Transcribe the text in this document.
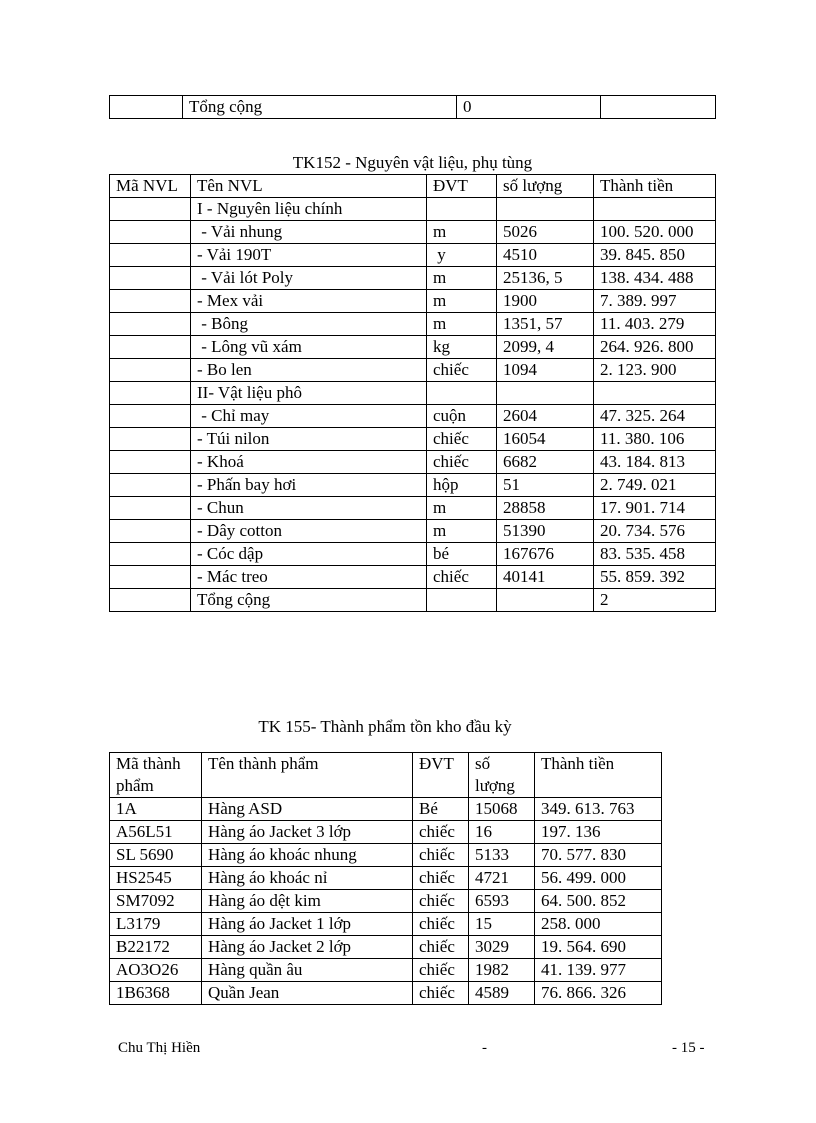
	Tổng cộng	0	
TK152 - Nguyên vật liệu, phụ tùng
Mã NVL	Tên NVL	ĐVT	số lượng	Thành tiền
	I - Nguyên liệu chính			
	- Vải nhung	m	5026	100. 520. 000
	- Vải 190T	y	4510	39. 845. 850
	- Vải lót Poly	m	25136, 5	138. 434. 488
	- Mex vải	m	1900	7. 389. 997
	- Bông	m	1351, 57	11. 403. 279
	- Lông vũ xám	kg	2099, 4	264. 926. 800
	- Bo len	chiếc	1094	2. 123. 900
	II- Vật liệu phô			
	- Chỉ may	cuộn	2604	47. 325. 264
	- Túi nilon	chiếc	16054	11. 380. 106
	- Khoá	chiếc	6682	43. 184. 813
	- Phấn bay hơi	hộp	51	2. 749. 021
	- Chun	m	28858	17. 901. 714
	- Dây cotton	m	51390	20. 734. 576
	- Cóc dập	bé	167676	83. 535. 458
	- Mác treo	chiếc	40141	55. 859. 392
	Tổng cộng			2
TK 155- Thành phẩm tồn kho đầu kỳ
Mã thành phẩm	Tên thành phẩm	ĐVT	số lượng	Thành tiền
1A	Hàng ASD	Bé	15068	349. 613. 763
A56L51	Hàng áo Jacket 3 lớp	chiếc	16	197. 136
SL 5690	Hàng áo khoác nhung	chiếc	5133	70. 577. 830
HS2545	Hàng áo khoác nỉ	chiếc	4721	56. 499. 000
SM7092	Hàng áo dệt kim	chiếc	6593	64. 500. 852
L3179	Hàng áo Jacket 1 lớp	chiếc	15	258. 000
B22172	Hàng áo Jacket 2 lớp	chiếc	3029	19. 564. 690
AO3O26	Hàng quần âu	chiếc	1982	41. 139. 977
1B6368	Quần Jean	chiếc	4589	76. 866. 326
Chu Thị Hiền	-	- 15 -
